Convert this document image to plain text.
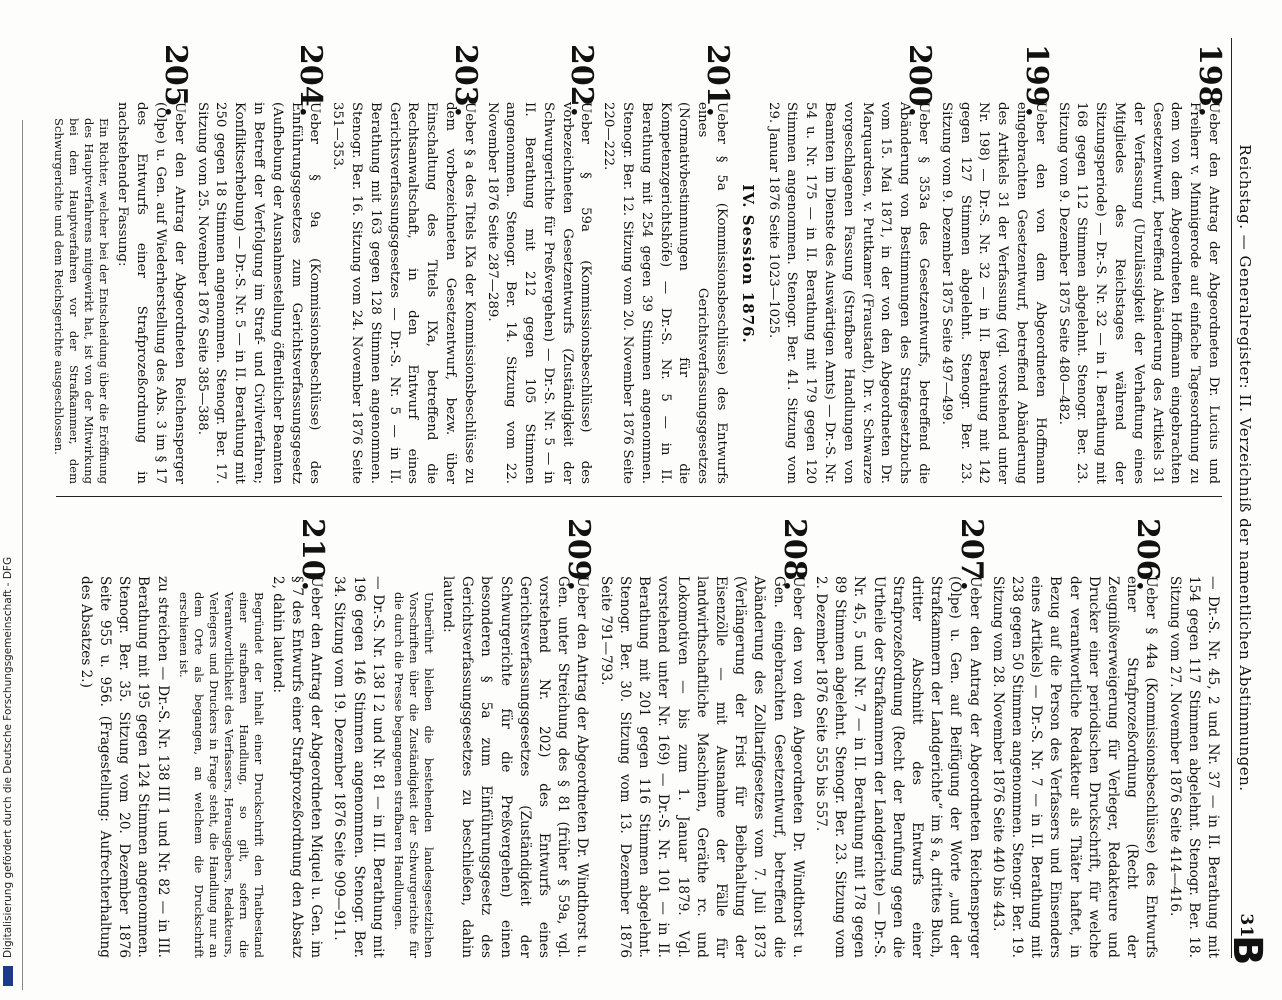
Reichstag. — Generalregister: II. Verzeichniß der namentlichen Abstimmungen.
31
B
198.

Ueber den Antrag der Abgeordneten Dr. Lucius und Freiherr v. Minnigerode auf einfache Tagesordnung zu dem von dem Abgeordneten Hoffmann eingebrachten Gesetzentwurf, betreffend Abänderung des Artikels 31 der Verfassung (Unzulässigkeit der Verhaftung eines Mitgliedes des Reichstages während der Sitzungsperiode) — Dr.-S. Nr. 32 — in I. Berathung mit 168 gegen 112 Stimmen abgelehnt. Stenogr. Ber. 23. Sitzung vom 9. Dezember 1875 Seite 480—482.

199.

Ueber den von dem Abgeordneten Hoffmann eingebrachten Gesetzentwurf, betreffend Abänderung des Artikels 31 der Verfassung (vgl. vorstehend unter Nr. 198) — Dr.-S. Nr. 32 — in II. Berathung mit 142 gegen 127 Stimmen abgelehnt. Stenogr. Ber. 23. Sitzung vom 9. Dezember 1875 Seite 497—499.

200.

Ueber § 353a des Gesetzentwurfs, betreffend die Abänderung von Bestimmungen des Strafgesetzbuchs vom 15. Mai 1871, in der von den Abgeordneten Dr. Marquardsen, v. Puttkamer (Fraustadt), Dr. v. Schwarze vorgeschlagenen Fassung (Strafbare Handlungen von Beamten im Dienste des Auswärtigen Amts) — Dr.-S. Nr. 54 u. Nr. 175 — in II. Berathung mit 179 gegen 120 Stimmen angenommen. Stenogr. Ber. 41. Sitzung vom 29. Januar 1876 Seite 1023—1025.

IV. Session 1876.
201.

Ueber § 5a (Kommissionsbeschlüsse) des Entwurfs eines Gerichtsverfassungsgesetzes (Normativbestimmungen für die Kompetenzgerichtshöfe) — Dr.-S. Nr. 5 — in II. Berathung mit 254 gegen 39 Stimmen angenommen. Stenogr. Ber. 12. Sitzung vom 20. November 1876 Seite 220—222.

202.

Ueber § 59a (Kommissionsbeschlüsse) des vorbezeichneten Gesetzentwurfs (Zuständigkeit der Schwurgerichte für Preßvergehen) — Dr.-S. Nr. 5 — in II. Berathung mit 212 gegen 105 Stimmen angenommen. Stenogr. Ber. 14. Sitzung vom 22. November 1876 Seite 287—289.

203.

Ueber § a des Titels IXa der Kommissionsbeschlüsse zu dem vorbezeichneten Gesetzentwurf, bezw. über Einschaltung des Titels IXa, betreffend die Rechtsanwaltschaft, in den Entwurf eines Gerichtsverfassungsgesetzes — Dr.-S. Nr. 5 — in II. Berathung mit 163 gegen 128 Stimmen angenommen. Stenogr. Ber. 16. Sitzung vom 24. November 1876 Seite 351—353.

204.

Ueber § 9a (Kommissionsbeschlüsse) des Einführungsgesetzes zum Gerichtsverfassungsgesetz (Aufhebung der Ausnahmestellung öffentlicher Beamten in Betreff der Verfolgung im Straf- und Civilverfahren; Konfliktserhebung) — Dr.-S. Nr. 5 — in II. Berathung mit 250 gegen 18 Stimmen angenommen. Stenogr. Ber. 17. Sitzung vom 25. November 1876 Seite 385—388.

205.

Ueber den Antrag der Abgeordneten Reichensperger (Olpe) u. Gen. auf Wiederherstellung des Abs. 3 im § 17 des Entwurfs einer Strafprozeßordnung in nachstehender Fassung:

Ein Richter, welcher bei der Entscheidung über die Eröffnung des Hauptverfahrens mitgewirkt hat, ist von der Mitwirkung bei dem Hauptverfahren vor der Strafkammer, dem Schwurgerichte und dem Reichsgerichte ausgeschlossen.

— Dr.-S. Nr. 45, 2 und Nr. 37 — in II. Berathung mit 154 gegen 117 Stimmen abgelehnt. Stenogr. Ber. 18. Sitzung vom 27. November 1876 Seite 414—416.

206.

Ueber § 44a (Kommissionsbeschlüsse) des Entwurfs einer Strafprozeßordnung (Recht der Zeugnißverweigerung für Verleger, Redakteure und Drucker einer periodischen Druckschrift, für welche der verantwortliche Redakteur als Thäter haftet, in Bezug auf die Person des Verfassers und Einsenders eines Artikels) — Dr.-S. Nr. 7 — in II. Berathung mit 238 gegen 50 Stimmen angenommen. Stenogr. Ber. 19. Sitzung vom 28. November 1876 Seite 440 bis 443.

207.

Ueber den Antrag der Abgeordneten Reichensperger (Olpe) u. Gen. auf Beifügung der Worte „und der Strafkammern der Landgerichte“ im § a, drittes Buch, dritter Abschnitt des Entwurfs einer Strafprozeßordnung (Recht der Berufung gegen die Urtheile der Strafkammern der Landgerichte) — Dr.-S. Nr. 45, 5 und Nr. 7 — in II. Berathung mit 178 gegen 89 Stimmen abgelehnt. Stenogr. Ber. 23. Sitzung vom 2. Dezember 1876 Seite 555 bis 557.

208.

Ueber den von den Abgeordneten Dr. Windthorst u. Gen. eingebrachten Gesetzentwurf, betreffend die Abänderung des Zolltarifgesetzes vom 7. Juli 1873 (Verlängerung der Frist für Beibehaltung der Eisenzölle — mit Ausnahme der Fälle für landwirthschaftliche Maschinen, Geräthe rc. und Lokomotiven — bis zum 1. Januar 1879. Vgl. vorstehend unter Nr. 169) — Dr.-S. Nr. 101 — in II. Berathung mit 201 gegen 116 Stimmen abgelehnt. Stenogr. Ber. 30. Sitzung vom 13. Dezember 1876 Seite 791—793.

209.

Ueber den Antrag der Abgeordneten Dr. Windthorst u. Gen. unter Streichung des § 81 (früher § 59a, vgl. vorstehend Nr. 202) des Entwurfs eines Gerichtsverfassungsgesetzes (Zuständigkeit der Schwurgerichte für die Preßvergehen) einen besonderen § 5a zum Einführungsgesetz des Gerichtsverfassungsgesetzes zu beschließen, dahin lautend:

Unberührt bleiben die bestehenden landesgesetzlichen Vorschriften über die Zuständigkeit der Schwurgerichte für die durch die Presse begangenen strafbaren Handlungen.

— Dr.-S. Nr. 138 I 2 und Nr. 81 — in III. Berathung mit 196 gegen 146 Stimmen angenommen. Stenogr. Ber. 34. Sitzung vom 19. Dezember 1876 Seite 909—911.

210.

Ueber den Antrag der Abgeordneten Miquel u. Gen. im § 7 des Entwurfs einer Strafprozeßordnung den Absatz 2, dahin lautend:

Begründet der Inhalt einer Druckschrift den Thatbestand einer strafbaren Handlung, so gilt, sofern die Verantwortlichkeit des Verfassers, Herausgebers, Redakteurs, Verlegers und Druckers in Frage steht, die Handlung nur an dem Orte als begangen, an welchem die Druckschrift erschienen ist.

zu streichen — Dr.-S. Nr. 138 III 1 und Nr. 82 — in III. Berathung mit 195 gegen 124 Stimmen angenommen. Stenogr. Ber. 35. Sitzung vom 20. Dezember 1876 Seite 955 u. 956. (Fragestellung: Aufrechterhaltung des Absatzes 2.)

Digitalisierung gefördert durch die Deutsche Forschungsgemeinschaft - DFG
